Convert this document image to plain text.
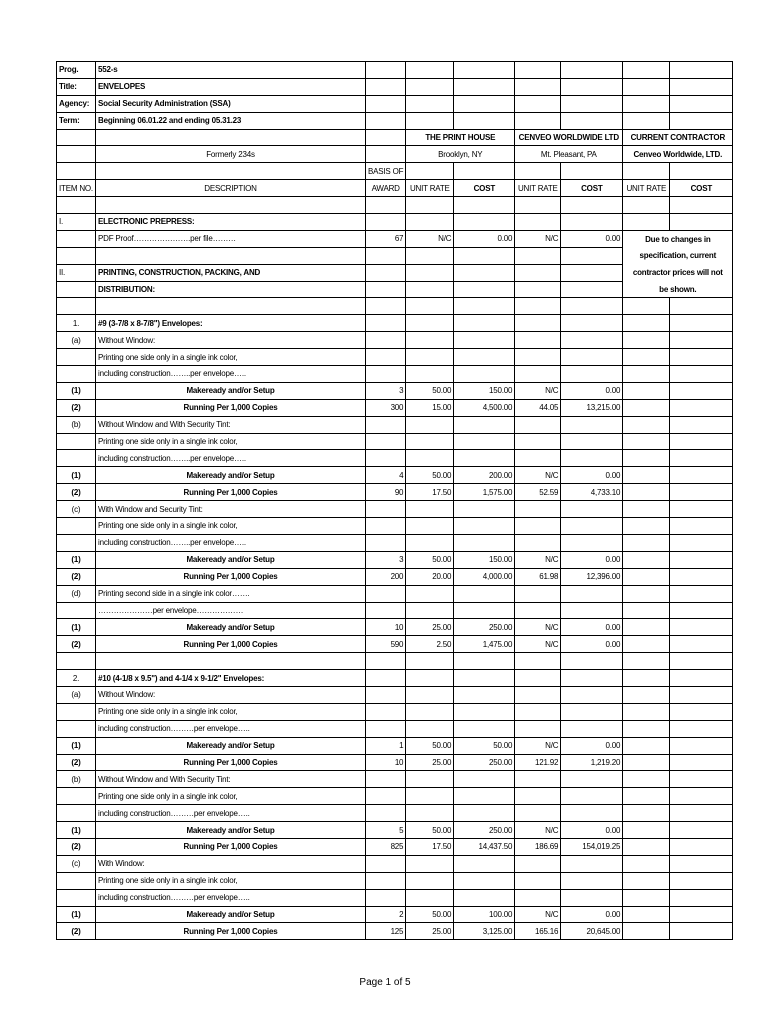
Prog.	552-s							
Title:	ENVELOPES							
Agency:	Social Security Administration (SSA)							
Term:	Beginning 06.01.22 and ending 05.31.23							
			THE PRINT HOUSE		CENVEO WORLDWIDE LTD		CURRENT CONTRACTOR	
	Formerly 234s		Brooklyn, NY		Mt. Pleasant, PA		Cenveo Worldwide, LTD.	
		BASIS OF						
ITEM NO.	DESCRIPTION	AWARD	UNIT RATE	COST	UNIT RATE	COST	UNIT RATE	COST

I.	ELECTRONIC PREPRESS:							
	PDF Proof………………….per file………	67	N/C	0.00	N/C	0.00	Due to changes in	
							specification, current	
II.	PRINTING, CONSTRUCTION, PACKING, AND						contractor prices will not	
	DISTRIBUTION:						be shown.	

1.	#9 (3-7/8 x 8-7/8") Envelopes:							
(a)	Without Window:							
	Printing one side only in a single ink color,							
	including construction……..per envelope…..							
(1)	Makeready and/or Setup	3	50.00	150.00	N/C	0.00		
(2)	Running Per 1,000 Copies	300	15.00	4,500.00	44.05	13,215.00		
(b)	Without Window and With Security Tint:							
	Printing one side only in a single ink color,							
	including construction……..per envelope…..							
(1)	Makeready and/or Setup	4	50.00	200.00	N/C	0.00		
(2)	Running Per 1,000 Copies	90	17.50	1,575.00	52.59	4,733.10		
(c)	With Window and Security Tint:							
	Printing one side only in a single ink color,							
	including construction……..per envelope…..							
(1)	Makeready and/or Setup	3	50.00	150.00	N/C	0.00		
(2)	Running Per 1,000 Copies	200	20.00	4,000.00	61.98	12,396.00		
(d)	Printing second side in a single ink color…….							
	…………………per envelope………………							
(1)	Makeready and/or Setup	10	25.00	250.00	N/C	0.00		
(2)	Running Per 1,000 Copies	590	2.50	1,475.00	N/C	0.00		

2.	#10 (4-1/8 x 9.5") and 4-1/4 x 9-1/2" Envelopes:							
(a)	Without Window:							
	Printing one side only in a single ink color,							
	including construction………per envelope…..							
(1)	Makeready and/or Setup	1	50.00	50.00	N/C	0.00		
(2)	Running Per 1,000 Copies	10	25.00	250.00	121.92	1,219.20		
(b)	Without Window and With Security Tint:							
	Printing one side only in a single ink color,							
	including construction………per envelope…..							
(1)	Makeready and/or Setup	5	50.00	250.00	N/C	0.00		
(2)	Running Per 1,000 Copies	825	17.50	14,437.50	186.69	154,019.25		
(c)	With Window:							
	Printing one side only in a single ink color,							
	including construction………per envelope…..							
(1)	Makeready and/or Setup	2	50.00	100.00	N/C	0.00		
(2)	Running Per 1,000 Copies	125	25.00	3,125.00	165.16	20,645.00		
Page 1 of 5
